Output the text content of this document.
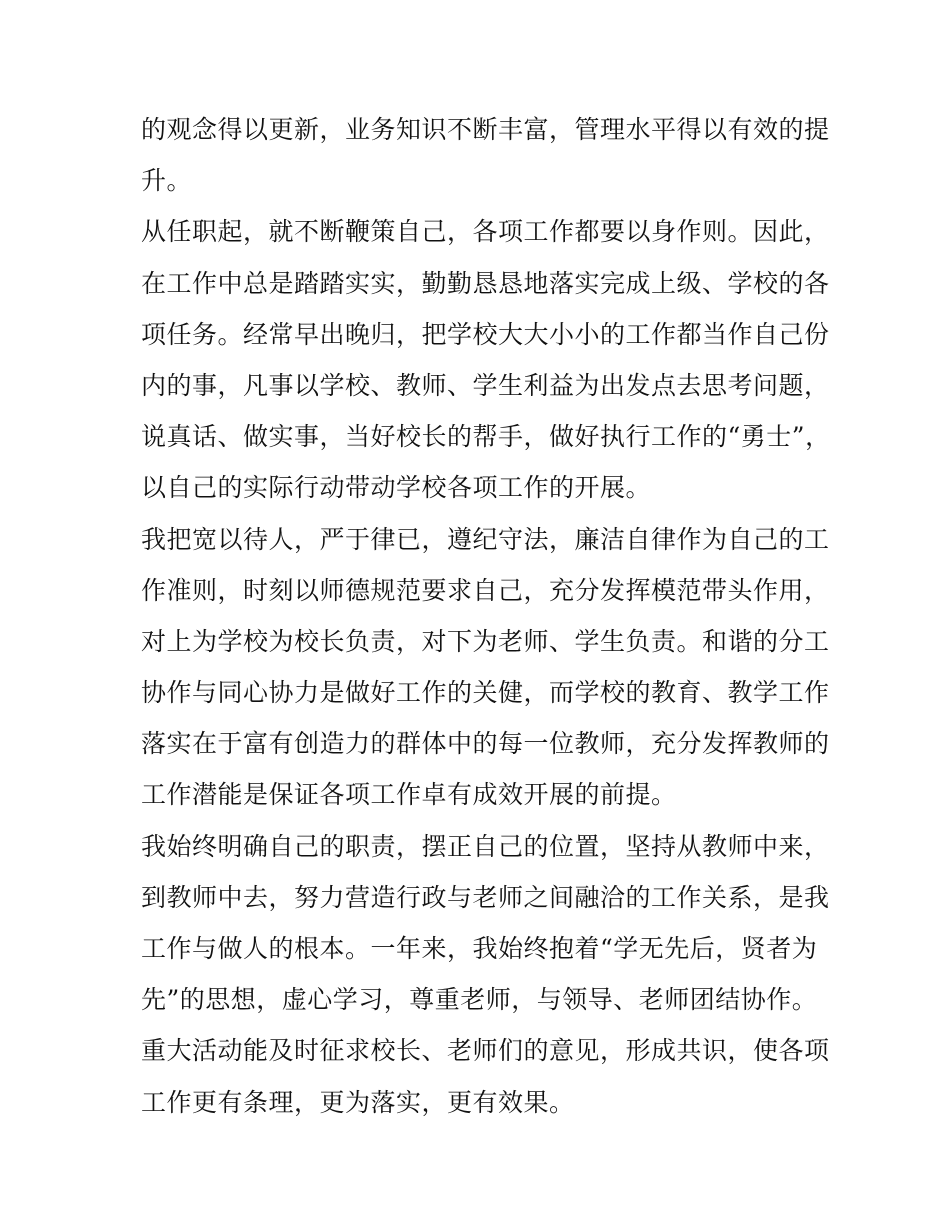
的观念得以更新，业务知识不断丰富，管理水平得以有效的提
升。
从任职起，就不断鞭策自己，各项工作都要以身作则。因此，
在工作中总是踏踏实实，勤勤恳恳地落实完成上级、学校的各
项任务。经常早出晚归，把学校大大小小的工作都当作自己份
内的事，凡事以学校、教师、学生利益为出发点去思考问题，
说真话、做实事，当好校长的帮手，做好执行工作的“勇士”，
以自己的实际行动带动学校各项工作的开展。
我把宽以待人，严于律已，遵纪守法，廉洁自律作为自己的工
作准则，时刻以师德规范要求自己，充分发挥模范带头作用，
对上为学校为校长负责，对下为老师、学生负责。和谐的分工
协作与同心协力是做好工作的关健，而学校的教育、教学工作
落实在于富有创造力的群体中的每一位教师，充分发挥教师的
工作潜能是保证各项工作卓有成效开展的前提。
我始终明确自己的职责，摆正自己的位置，坚持从教师中来，
到教师中去，努力营造行政与老师之间融洽的工作关系，是我
工作与做人的根本。一年来，我始终抱着“学无先后，贤者为
先”的思想，虚心学习，尊重老师，与领导、老师团结协作。
重大活动能及时征求校长、老师们的意见，形成共识，使各项
工作更有条理，更为落实，更有效果。
